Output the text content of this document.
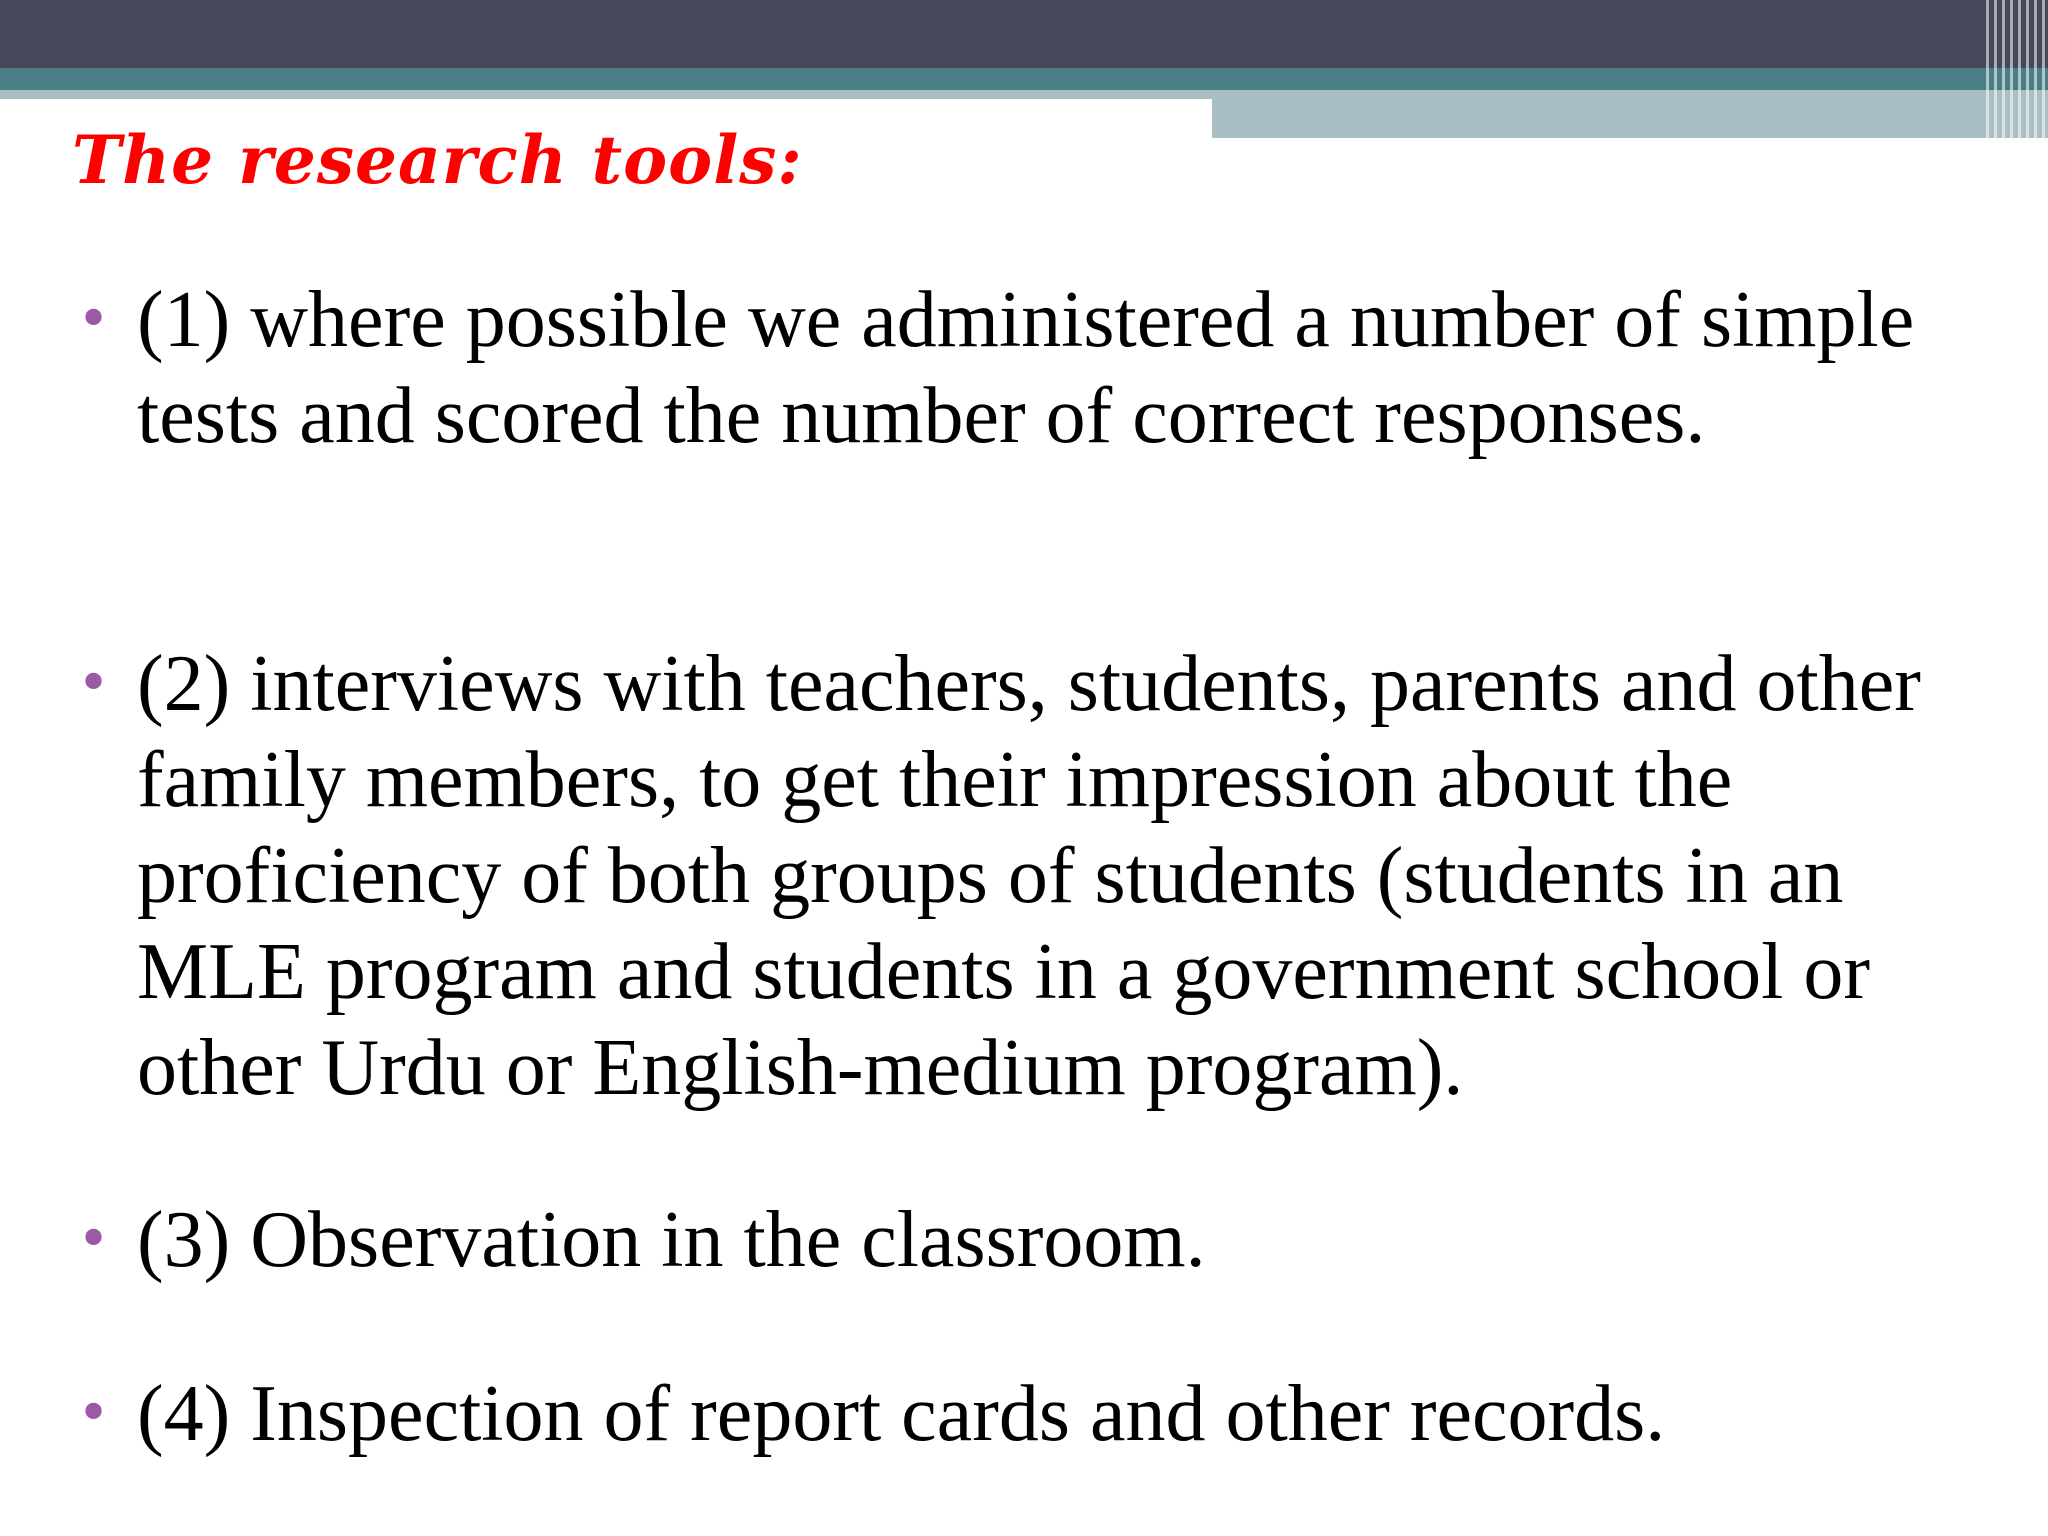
The research tools:
• (1) where possible we administered a number of simple tests and scored the number of correct responses.
• (2) interviews with teachers, students, parents and other family members, to get their impression about the proficiency of both groups of students (students in an MLE program and students in a government school or other Urdu or English-medium program).
• (3) Observation in the classroom.
• (4) Inspection of report cards and other records.
